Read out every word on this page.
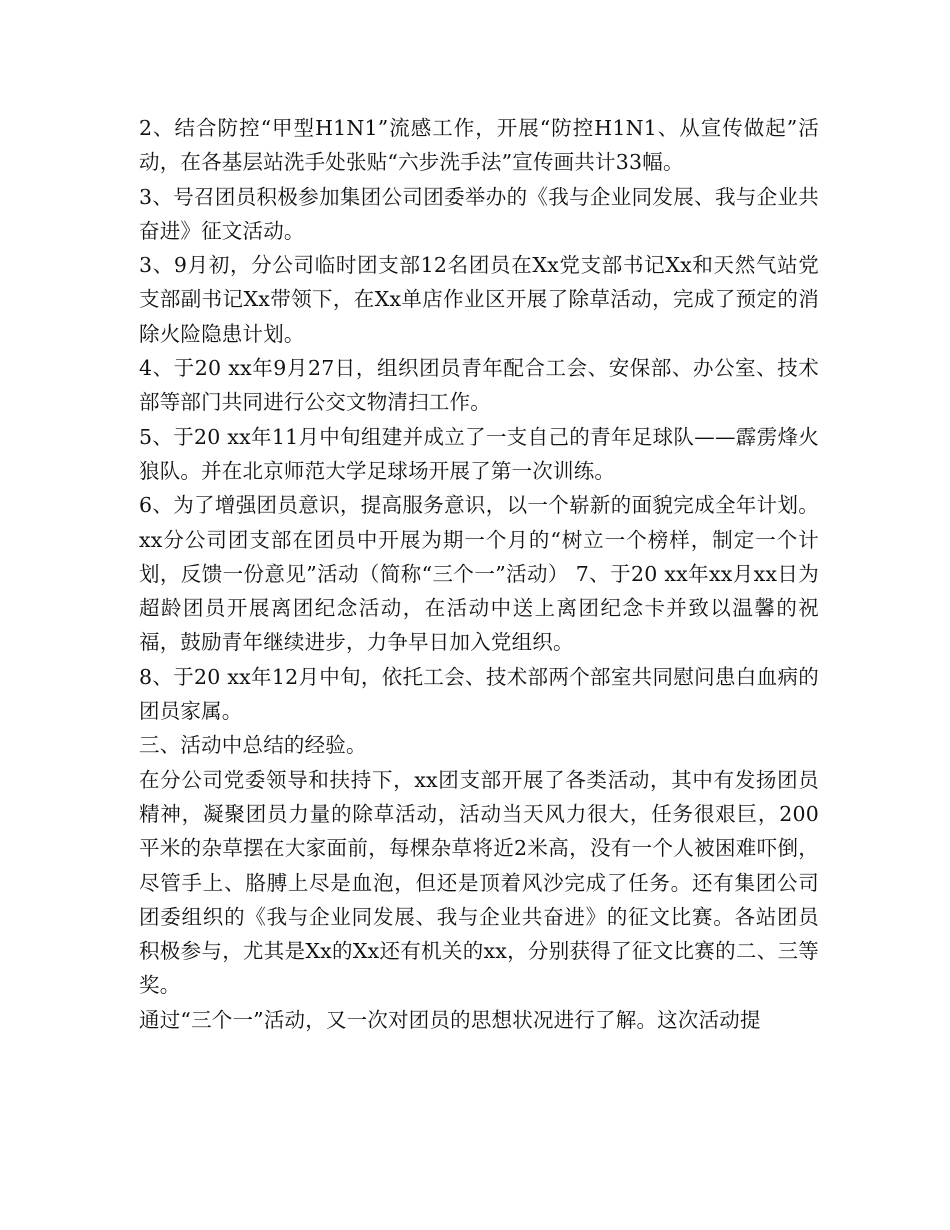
2、结合防控“甲型H1N1”流感工作，开展“防控H1N1、从宣传做起”活动，在各基层站洗手处张贴“六步洗手法”宣传画共计33幅。

3、号召团员积极参加集团公司团委举办的《我与企业同发展、我与企业共奋进》征文活动。

3、9月初，分公司临时团支部12名团员在Xx党支部书记Xx和天然气站党支部副书记Xx带领下，在Xx单店作业区开展了除草活动，完成了预定的消除火险隐患计划。

4、于20 xx年9月27日，组织团员青年配合工会、安保部、办公室、技术部等部门共同进行公交文物清扫工作。

5、于20 xx年11月中旬组建并成立了一支自己的青年足球队——霹雳烽火狼队。并在北京师范大学足球场开展了第一次训练。

6、为了增强团员意识，提高服务意识，以一个崭新的面貌完成全年计划。xx分公司团支部在团员中开展为期一个月的“树立一个榜样，制定一个计划，反馈一份意见”活动（简称“三个一”活动） 7、于20 xx年xx月xx日为超龄团员开展离团纪念活动，在活动中送上离团纪念卡并致以温馨的祝福，鼓励青年继续进步，力争早日加入党组织。

8、于20 xx年12月中旬，依托工会、技术部两个部室共同慰问患白血病的团员家属。

三、活动中总结的经验。

在分公司党委领导和扶持下，xx团支部开展了各类活动，其中有发扬团员精神，凝聚团员力量的除草活动，活动当天风力很大，任务很艰巨，200平米的杂草摆在大家面前，每棵杂草将近2米高，没有一个人被困难吓倒，尽管手上、胳膊上尽是血泡，但还是顶着风沙完成了任务。还有集团公司团委组织的《我与企业同发展、我与企业共奋进》的征文比赛。各站团员积极参与，尤其是Xx的Xx还有机关的xx，分别获得了征文比赛的二、三等奖。

通过“三个一”活动，又一次对团员的思想状况进行了解。这次活动提
